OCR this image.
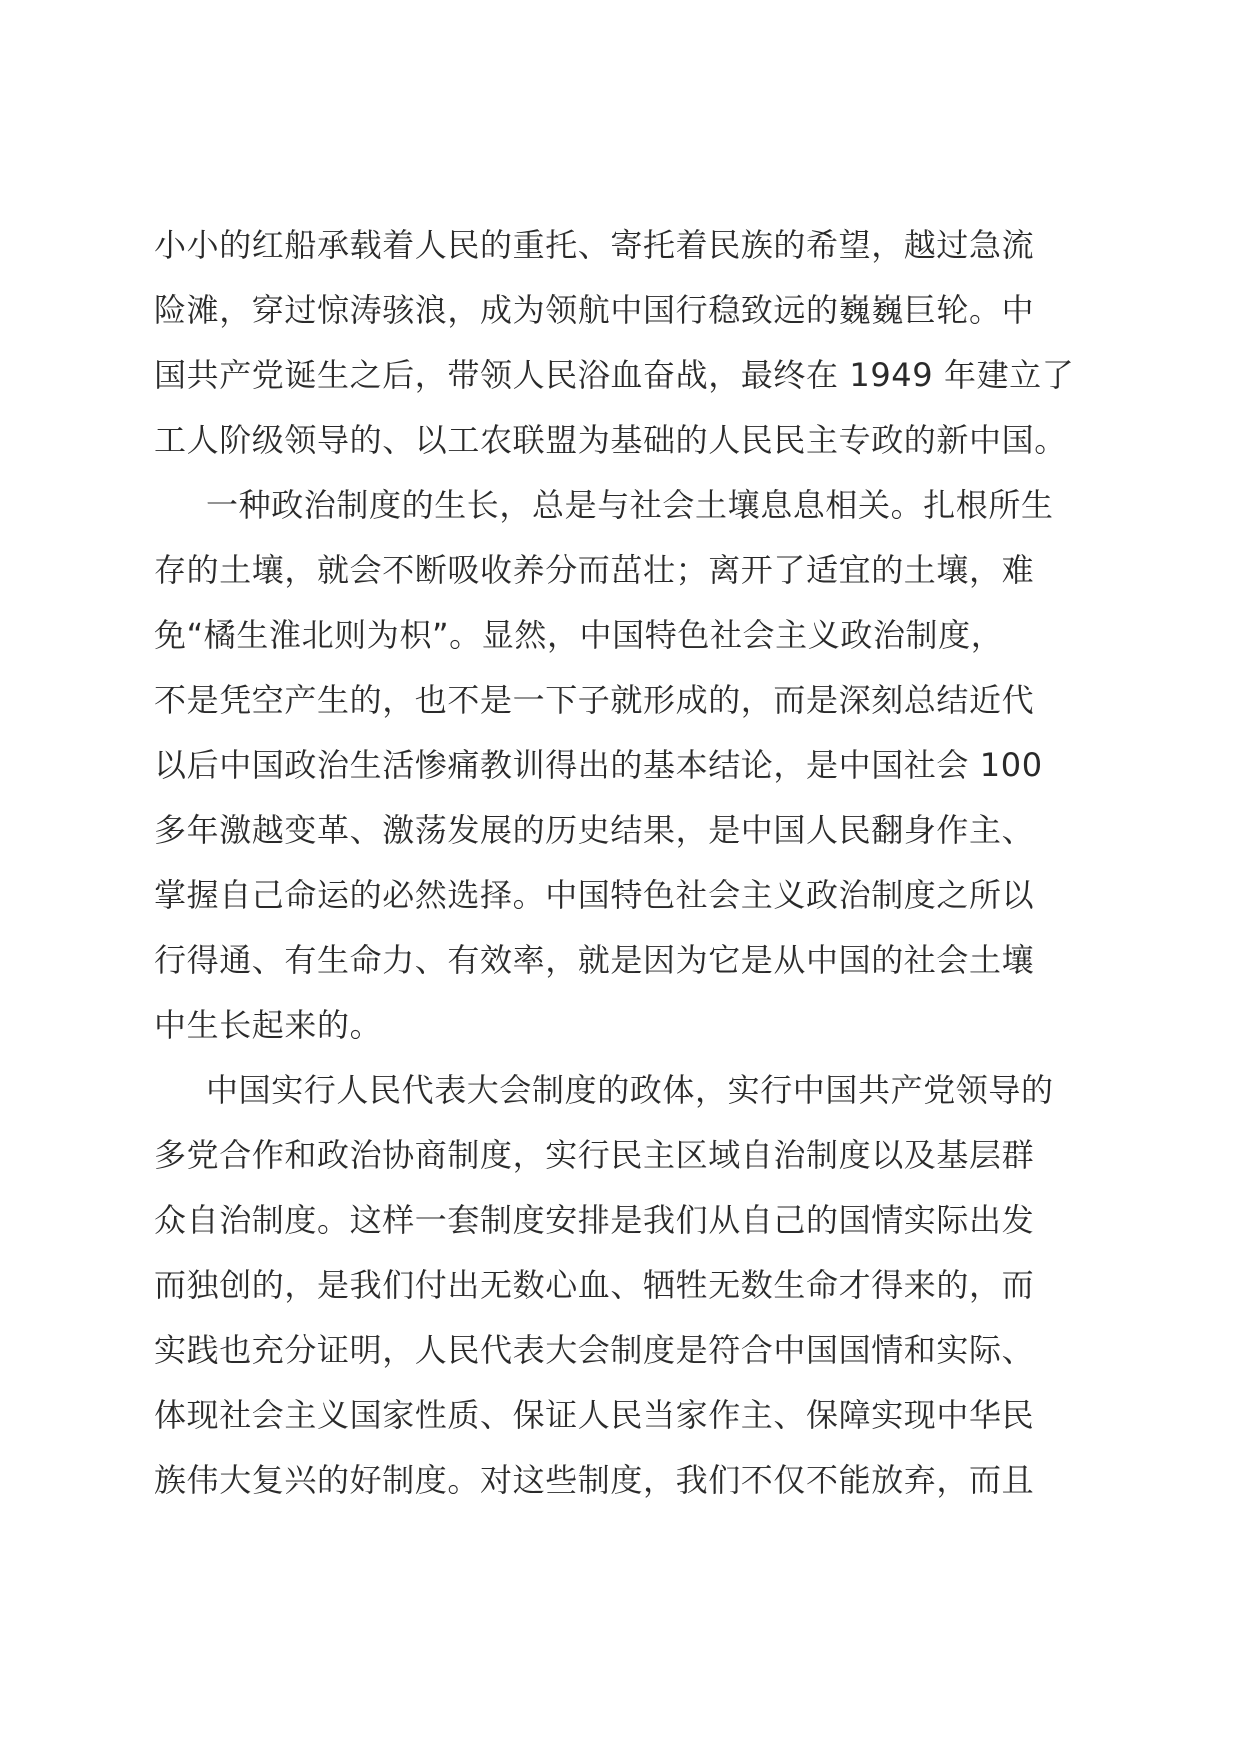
小小的红船承载着人民的重托、寄托着民族的希望，越过急流
险滩，穿过惊涛骇浪，成为领航中国行稳致远的巍巍巨轮。中
国共产党诞生之后，带领人民浴血奋战，最终在 1949 年建立了
工人阶级领导的、以工农联盟为基础的人民民主专政的新中国。
一种政治制度的生长，总是与社会土壤息息相关。扎根所生
存的土壤，就会不断吸收养分而茁壮；离开了适宜的土壤，难
免“橘生淮北则为枳”。显然，中国特色社会主义政治制度，
不是凭空产生的，也不是一下子就形成的，而是深刻总结近代
以后中国政治生活惨痛教训得出的基本结论，是中国社会 100
多年激越变革、激荡发展的历史结果，是中国人民翻身作主、
掌握自己命运的必然选择。中国特色社会主义政治制度之所以
行得通、有生命力、有效率，就是因为它是从中国的社会土壤
中生长起来的。
中国实行人民代表大会制度的政体，实行中国共产党领导的
多党合作和政治协商制度，实行民主区域自治制度以及基层群
众自治制度。这样一套制度安排是我们从自己的国情实际出发
而独创的，是我们付出无数心血、牺牲无数生命才得来的，而
实践也充分证明，人民代表大会制度是符合中国国情和实际、
体现社会主义国家性质、保证人民当家作主、保障实现中华民
族伟大复兴的好制度。对这些制度，我们不仅不能放弃，而且
